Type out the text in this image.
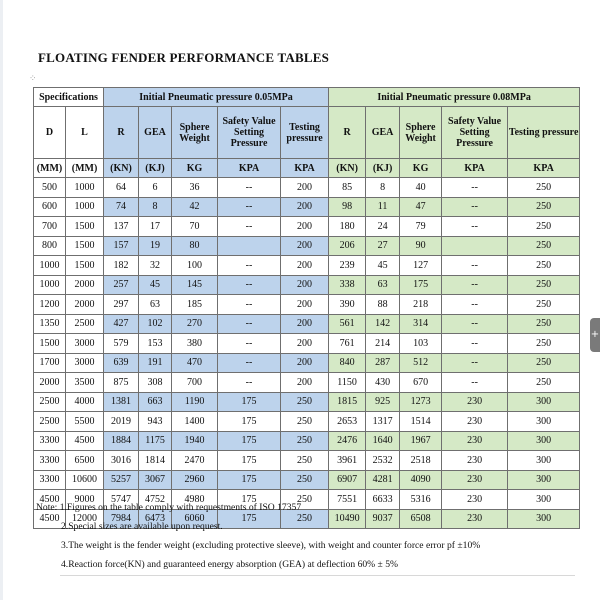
FLOATING FENDER PERFORMANCE TABLES
⁘
Specifications		Initial Pneumatic pressure 0.05MPa					Initial Pneumatic pressure 0.08MPa				
D	L	R	GEA	Sphere Weight	Safety Value Setting Pressure	Testing pressure	R	GEA	Sphere Weight	Safety Value Setting Pressure	Testing pressure
(MM)	(MM)	(KN)	(KJ)	KG	KPA	KPA	(KN)	(KJ)	KG	KPA	KPA
500	1000	64	6	36	--	200	85	8	40	--	250
600	1000	74	8	42	--	200	98	11	47	--	250
700	1500	137	17	70	--	200	180	24	79	--	250
800	1500	157	19	80		200	206	27	90		250
1000	1500	182	32	100	--	200	239	45	127	--	250
1000	2000	257	45	145	--	200	338	63	175	--	250
1200	2000	297	63	185	--	200	390	88	218	--	250
1350	2500	427	102	270	--	200	561	142	314	--	250
1500	3000	579	153	380	--	200	761	214	103	--	250
1700	3000	639	191	470	--	200	840	287	512	--	250
2000	3500	875	308	700	--	200	1150	430	670	--	250
2500	4000	1381	663	1190	175	250	1815	925	1273	230	300
2500	5500	2019	943	1400	175	250	2653	1317	1514	230	300
3300	4500	1884	1175	1940	175	250	2476	1640	1967	230	300
3300	6500	3016	1814	2470	175	250	3961	2532	2518	230	300
3300	10600	5257	3067	2960	175	250	6907	4281	4090	230	300
4500	9000	5747	4752	4980	175	250	7551	6633	5316	230	300
4500	12000	7984	6473	6060	175	250	10490	9037	6508	230	300
Note: 1.Figures on the table comply with requestments of ISO 17357
2.Special sizes are available upon request.
3.The weight is the fender weight (excluding protective sleeve), with weight and counter force error pf ±10%
4.Reaction force(KN) and guaranteed energy absorption (GEA) at deflection 60% ± 5%
+
